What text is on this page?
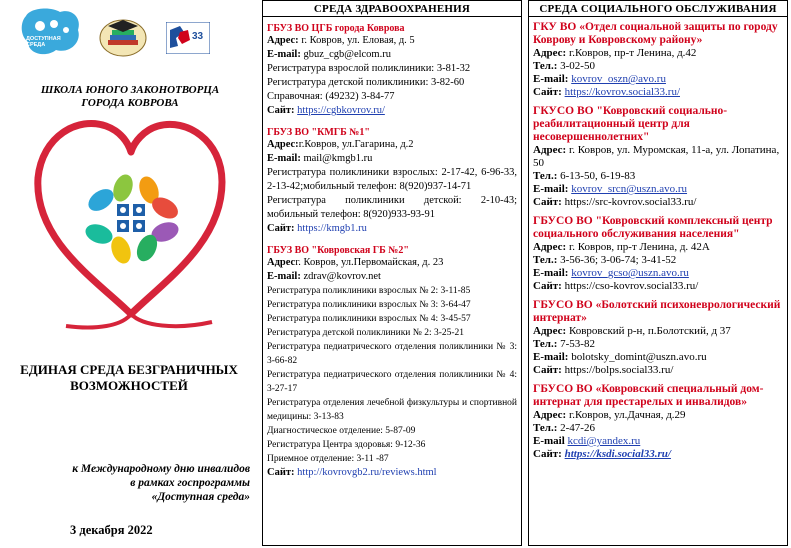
ДОСТУПНАЯ СРЕДА
33
ШКОЛА ЮНОГО ЗАКОНОТВОРЦА ГОРОДА КОВРОВА
ЕДИНАЯ СРЕДА БЕЗГРАНИЧНЫХ ВОЗМОЖНОСТЕЙ
к Международному дню инвалидов
в рамках госпрограммы
«Доступная среда»
3 декабря 2022
СРЕДА ЗДРАВООХРАНЕНИЯ
ГБУЗ ВО ЦГБ города Коврова
Адрес: г. Ковров, ул. Еловая, д. 5
E-mail: gbuz_cgb@elcom.ru
Регистратура взрослой поликлиники: 3-81-32
Регистратура детской поликлиники: 3-82-60
Справочная: (49232) 3-84-77
Сайт: https://cgbkovrov.ru/
ГБУЗ ВО "КМГБ №1"
Адрес:г.Ковров, ул.Гагарина, д.2
E-mail: mail@kmgb1.ru
Регистратура поликлиники взрослых: 2-17-42, 6-96-33, 2-13-42;мобильный телефон: 8(920)937-14-71
Регистратура поликлиники детской: 2-10-43; мобильный телефон: 8(920)933-93-91
Сайт: https://kmgb1.ru
ГБУЗ ВО "Ковровская ГБ №2"
Адресг. Ковров, ул.Первомайская, д. 23
E-mail: zdrav@kovrov.net
Регистратура поликлиники взрослых № 2: 3-11-85
Регистратура поликлиники взрослых № 3: 3-64-47
Регистратура поликлиники взрослых № 4: 3-45-57
Регистратура детской поликлиники № 2: 3-25-21
Регистратура педиатрического отделения поликлиники № 3: 3-66-82
Регистратура педиатрического отделения поликлиники № 4: 3-27-17
Регистратура отделения лечебной физкультуры и спортивной медицины: 3-13-83
Диагностическое отделение: 5-87-09
Регистратура Центра здоровья: 9-12-36
Приемное отделение: 3-11 -87
Сайт: http://kovrovgb2.ru/reviews.html
СРЕДА СОЦИАЛЬНОГО ОБСЛУЖИВАНИЯ
ГКУ ВО «Отдел социальной защиты по городу Коврову и Ковровскому району»
Адрес: г.Ковров, пр-т Ленина, д.42
Тел.: 3-02-50
E-mail: kovrov_oszn@avo.ru
Сайт: https://kovrov.social33.ru/
ГКУСО ВО "Ковровский социально-реабилитационный центр для несовершеннолетних"
Адрес: г. Ковров, ул. Муромская, 11-а, ул. Лопатина, 50
Тел.: 6-13-50, 6-19-83
E-mail: kovrov_srcn@uszn.avo.ru
Сайт: https://src-kovrov.social33.ru/
ГБУСО ВО "Ковровский комплексный центр социального обслуживания населения"
Адрес: г. Ковров, пр-т Ленина, д. 42А
Тел.: 3-56-36; 3-06-74; 3-41-52
E-mail: kovrov_gcso@uszn.avo.ru
Сайт: https://cso-kovrov.social33.ru/
ГБУСО ВО «Болотский психоневрологический интернат»
Адрес: Ковровский р-н, п.Болотский, д 37
Тел.: 7-53-82
E-mail: bolotsky_domint@uszn.avo.ru
Сайт: https://bolps.social33.ru/
ГБУСО ВО «Ковровский специальный дом-интернат для престарелых и инвалидов»
Адрес: г.Ковров, ул.Дачная, д.29
Тел.: 2-47-26
E-mail kcdi@yandex.ru
Сайт: https://ksdi.social33.ru/
